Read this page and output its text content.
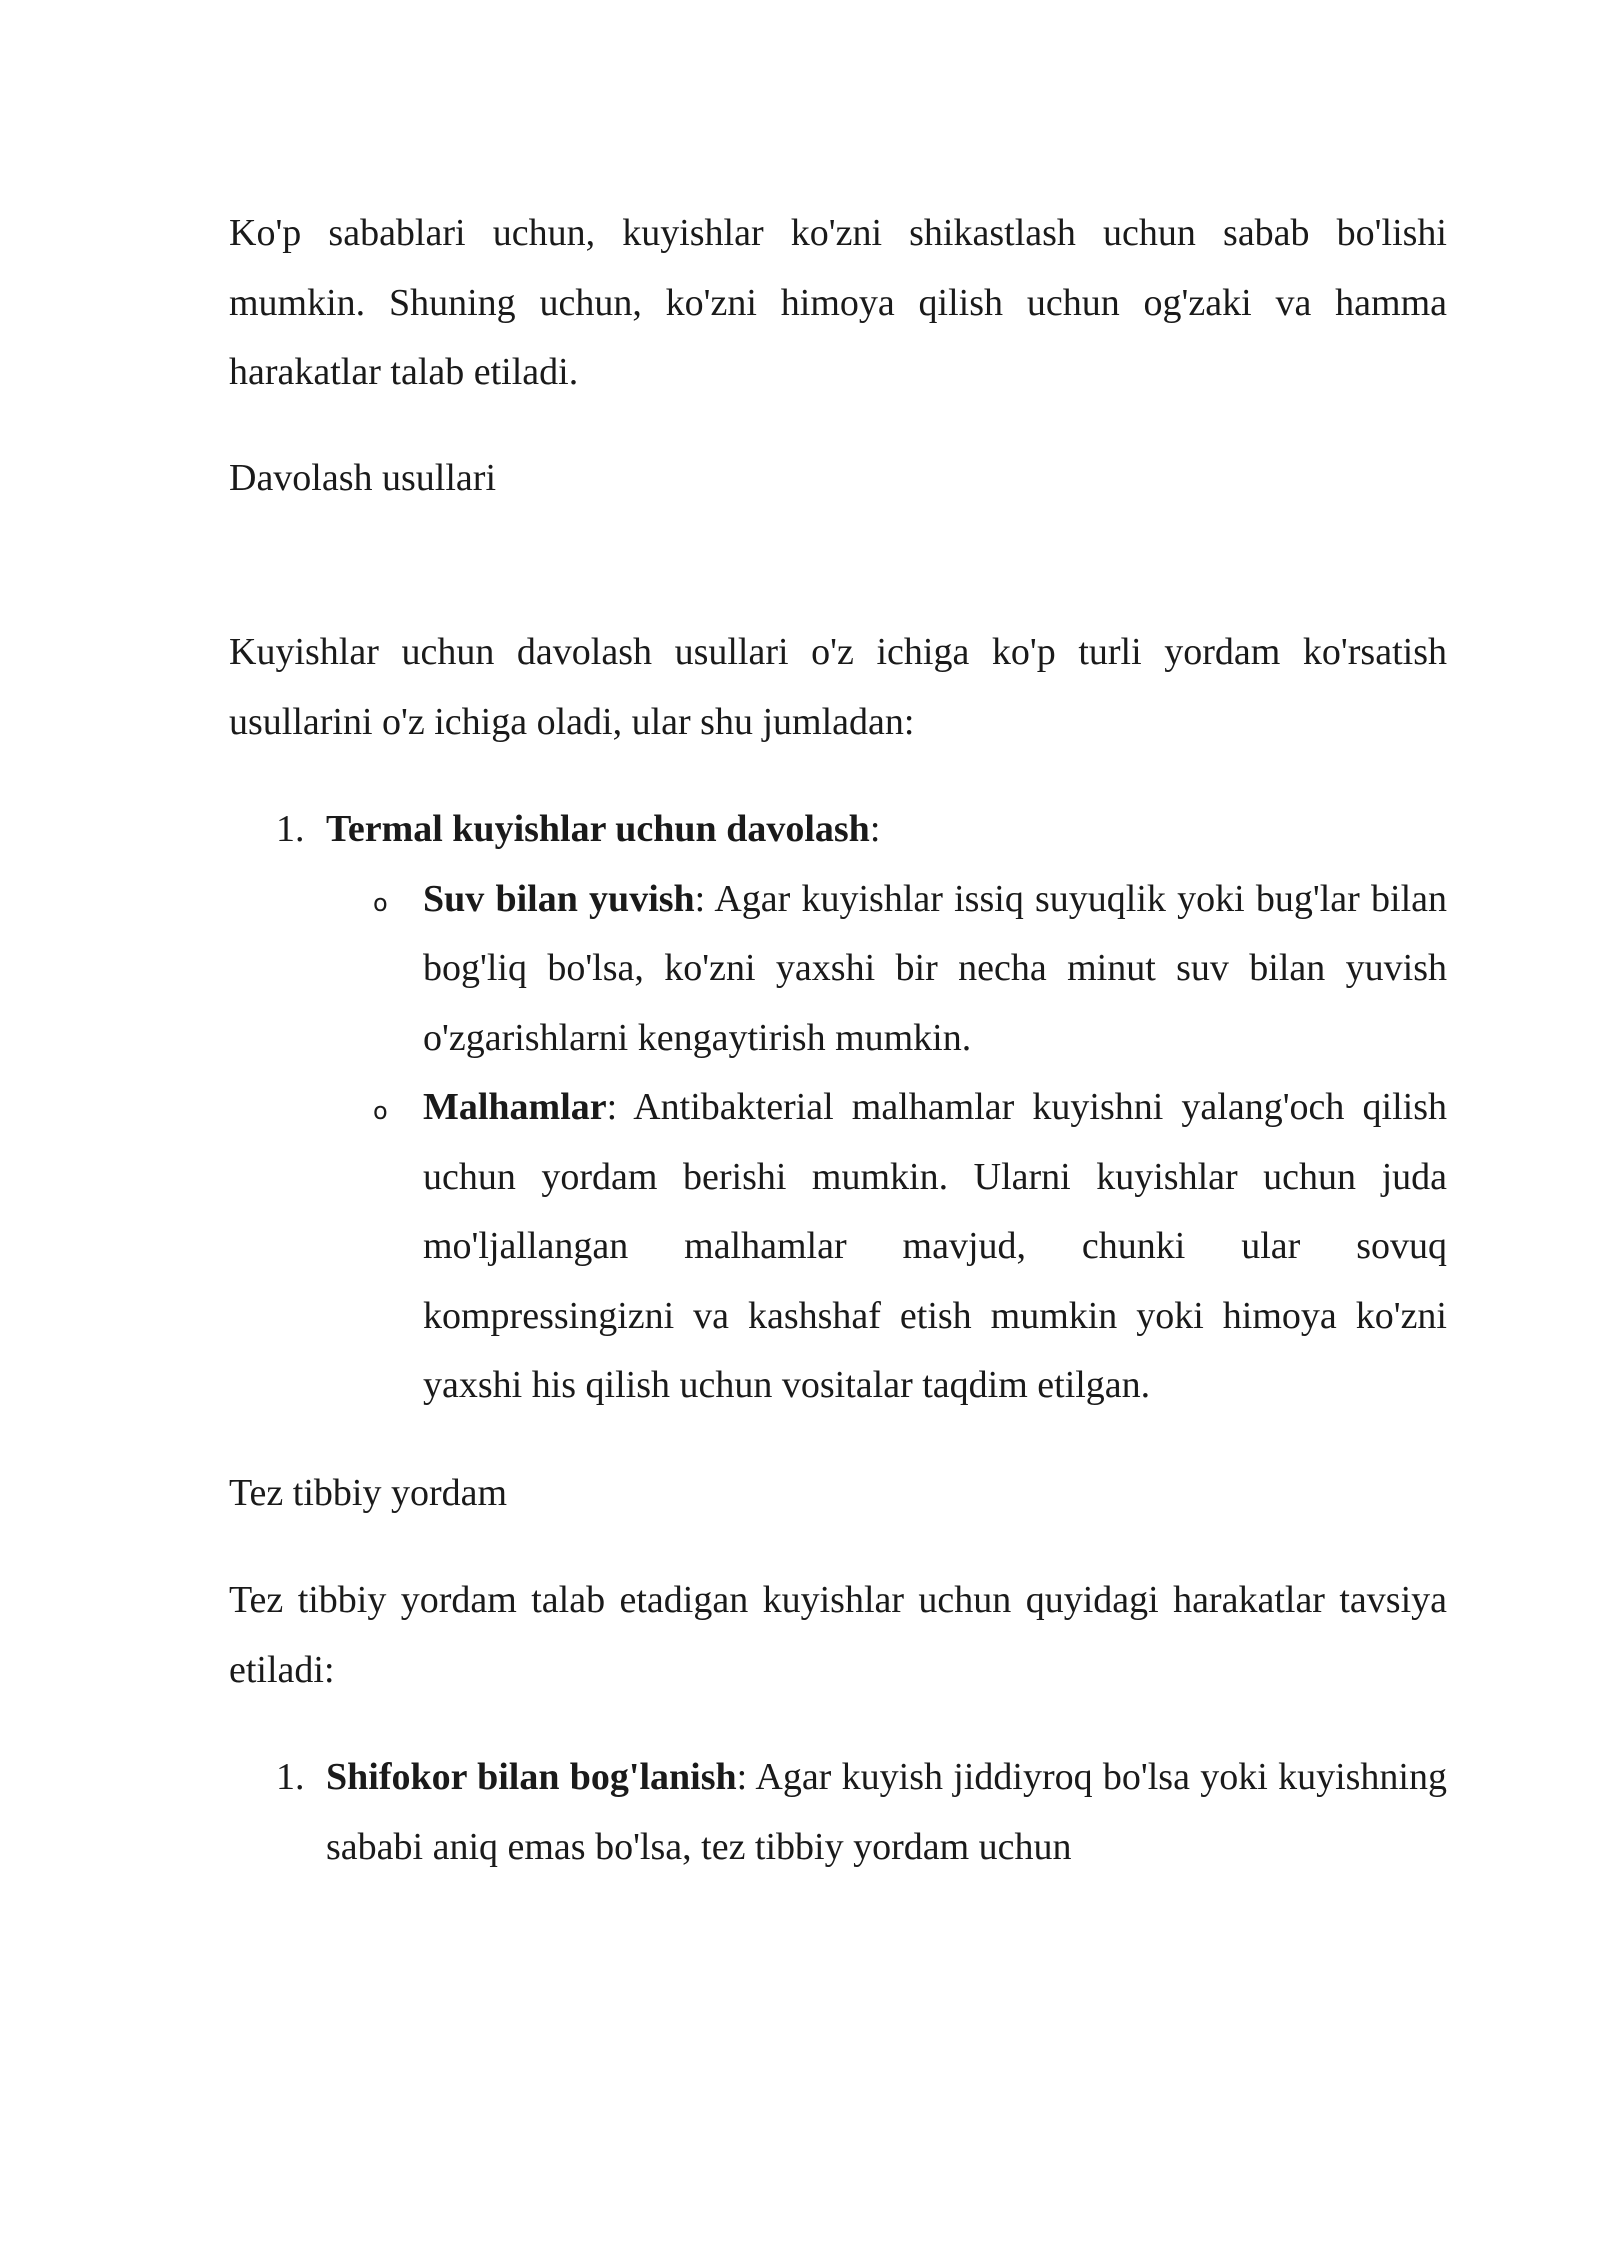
Ko'p sabablari uchun, kuyishlar ko'zni shikastlash uchun sabab bo'lishi mumkin. Shuning uchun, ko'zni himoya qilish uchun og'zaki va hamma harakatlar talab etiladi.

Davolash usullari

Kuyishlar uchun davolash usullari o'z ichiga ko'p turli yordam ko'rsatish usullarini o'z ichiga oladi, ular shu jumladan:

1. Termal kuyishlar uchun davolash:
o Suv bilan yuvish: Agar kuyishlar issiq suyuqlik yoki bug'lar bilan bog'liq bo'lsa, ko'zni yaxshi bir necha minut suv bilan yuvish o'zgarishlarni kengaytirish mumkin.
o Malhamlar: Antibakterial malhamlar kuyishni yalang'och qilish uchun yordam berishi mumkin. Ularni kuyishlar uchun juda mo'ljallangan malhamlar mavjud, chunki ular sovuq kompressingizni va kashshaf etish mumkin yoki himoya ko'zni yaxshi his qilish uchun vositalar taqdim etilgan.

Tez tibbiy yordam

Tez tibbiy yordam talab etadigan kuyishlar uchun quyidagi harakatlar tavsiya etiladi:

1. Shifokor bilan bog'lanish: Agar kuyish jiddiyroq bo'lsa yoki kuyishning sababi aniq emas bo'lsa, tez tibbiy yordam uchun
